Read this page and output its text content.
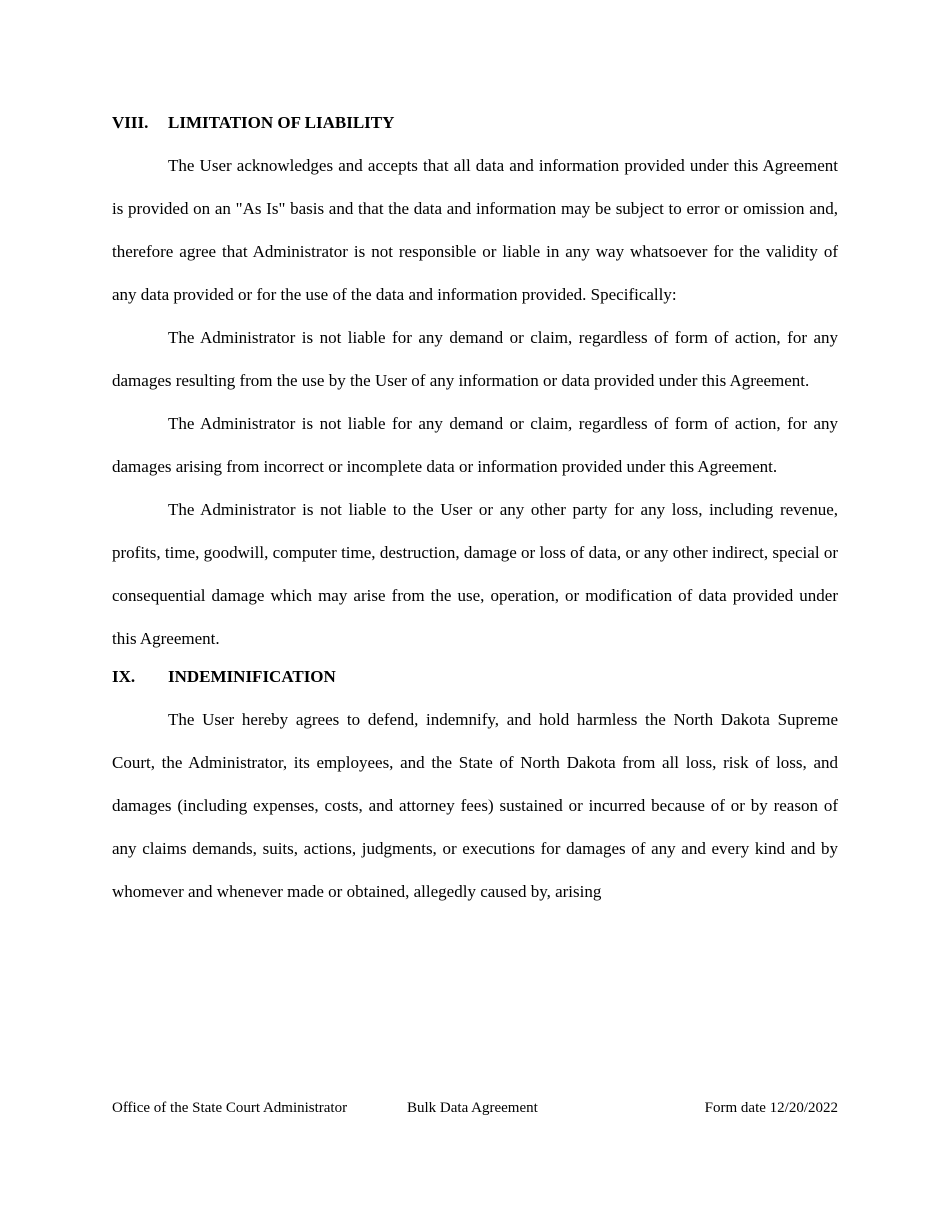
VIII.	LIMITATION OF LIABILITY

The User acknowledges and accepts that all data and information provided under this Agreement is provided on an "As Is" basis and that the data and information may be subject to error or omission and, therefore agree that Administrator is not responsible or liable in any way whatsoever for the validity of any data provided or for the use of the data and information provided. Specifically:

The Administrator is not liable for any demand or claim, regardless of form of action, for any damages resulting from the use by the User of any information or data provided under this Agreement.

The Administrator is not liable for any demand or claim, regardless of form of action, for any damages arising from incorrect or incomplete data or information provided under this Agreement.

The Administrator is not liable to the User or any other party for any loss, including revenue, profits, time, goodwill, computer time, destruction, damage or loss of data, or any other indirect, special or consequential damage which may arise from the use, operation, or modification of data provided under this Agreement.

IX.	INDEMINIFICATION

The User hereby agrees to defend, indemnify, and hold harmless the North Dakota Supreme Court, the Administrator, its employees, and the State of North Dakota from all loss, risk of loss, and damages (including expenses, costs, and attorney fees) sustained or incurred because of or by reason of any claims demands, suits, actions, judgments, or executions for damages of any and every kind and by whomever and whenever made or obtained, allegedly caused by, arising

Office of the State Court Administrator	Bulk Data Agreement	Form date 12/20/2022
